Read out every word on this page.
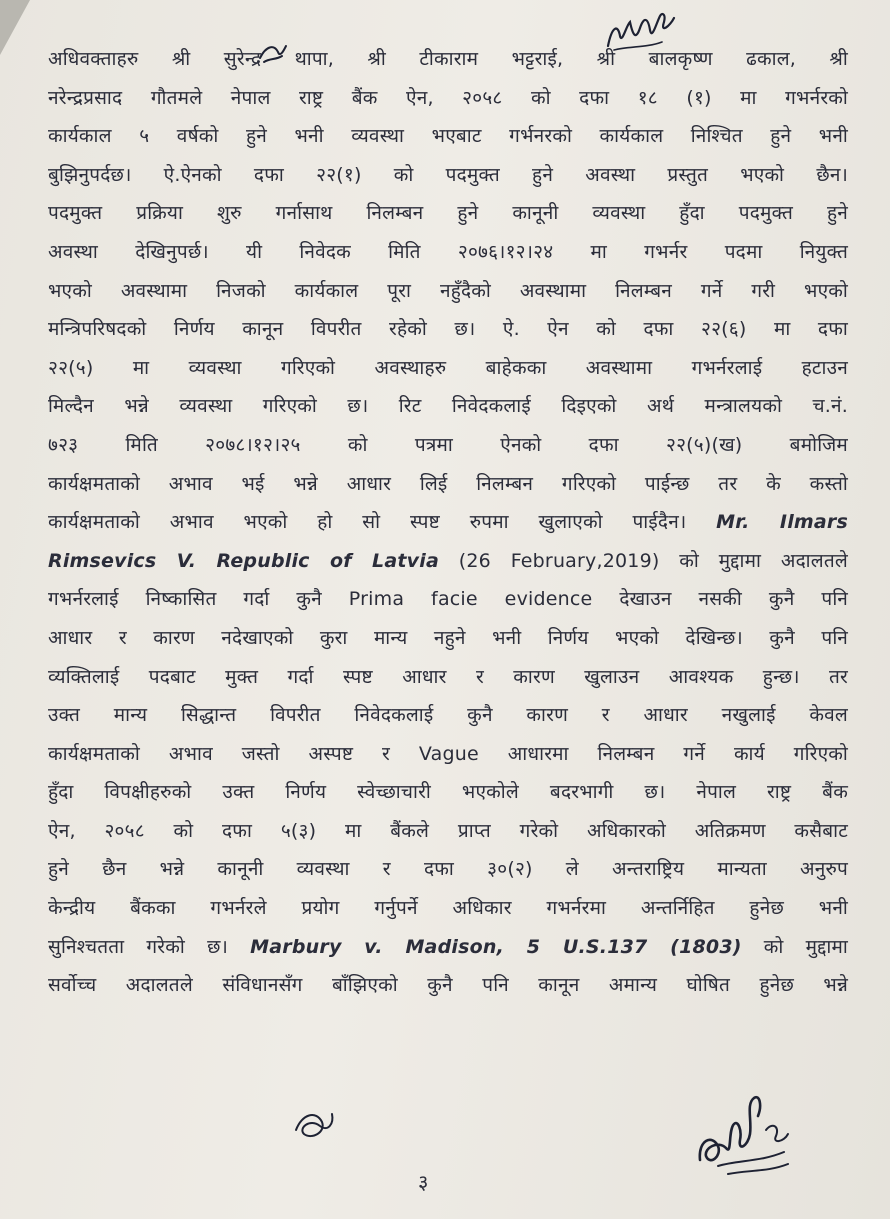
अधिवक्ताहरु श्री सुरेन्द्र थापा, श्री टीकाराम भट्टराई, श्री बालकृष्ण ढकाल, श्री
नरेन्द्रप्रसाद गौतमले नेपाल राष्ट्र बैंक ऐन, २०५८ को दफा १८ (१) मा गभर्नरको
कार्यकाल ५ वर्षको हुने भनी व्यवस्था भएबाट गर्भनरको कार्यकाल निश्चित हुने भनी
बुझिनुपर्दछ। ऐ.ऐनको दफा २२(१) को पदमुक्त हुने अवस्था प्रस्तुत भएको छैन।
पदमुक्त प्रक्रिया शुरु गर्नासाथ निलम्बन हुने कानूनी व्यवस्था हुँदा पदमुक्त हुने
अवस्था देखिनुपर्छ। यी निवेदक मिति २०७६।१२।२४ मा गभर्नर पदमा नियुक्त
भएको अवस्थामा निजको कार्यकाल पूरा नहुँदैको अवस्थामा निलम्बन गर्ने गरी भएको
मन्त्रिपरिषदको निर्णय कानून विपरीत रहेको छ। ऐ. ऐन को दफा २२(६) मा दफा
२२(५) मा व्यवस्था गरिएको अवस्थाहरु बाहेकका अवस्थामा गभर्नरलाई हटाउन
मिल्दैन भन्ने व्यवस्था गरिएको छ। रिट निवेदकलाई दिइएको अर्थ मन्त्रालयको च.नं.
७२३ मिति २०७८।१२।२५ को पत्रमा ऐनको दफा २२(५)(ख) बमोजिम
कार्यक्षमताको अभाव भई भन्ने आधार लिई निलम्बन गरिएको पाईन्छ तर के कस्तो
कार्यक्षमताको अभाव भएको हो सो स्पष्ट रुपमा खुलाएको पाईदैन। Mr. Ilmars
Rimsevics V. Republic of Latvia (26 February,2019) को मुद्दामा अदालतले
गभर्नरलाई निष्कासित गर्दा कुनै Prima facie evidence देखाउन नसकी कुनै पनि
आधार र कारण नदेखाएको कुरा मान्य नहुने भनी निर्णय भएको देखिन्छ। कुनै पनि
व्यक्तिलाई पदबाट मुक्त गर्दा स्पष्ट आधार र कारण खुलाउन आवश्यक हुन्छ। तर
उक्त मान्य सिद्धान्त विपरीत निवेदकलाई कुनै कारण र आधार नखुलाई केवल
कार्यक्षमताको अभाव जस्तो अस्पष्ट र Vague आधारमा निलम्बन गर्ने कार्य गरिएको
हुँदा विपक्षीहरुको उक्त निर्णय स्वेच्छाचारी भएकोले बदरभागी छ। नेपाल राष्ट्र बैंक
ऐन, २०५८ को दफा ५(३) मा बैंकले प्राप्त गरेको अधिकारको अतिक्रमण कसैबाट
हुने छैन भन्ने कानूनी व्यवस्था र दफा ३०(२) ले अन्तराष्ट्रिय मान्यता अनुरुप
केन्द्रीय बैंकका गभर्नरले प्रयोग गर्नुपर्ने अधिकार गभर्नरमा अन्तर्निहित हुनेछ भनी
सुनिश्चतता गरेको छ। Marbury v. Madison, 5 U.S.137 (1803) को मुद्दामा
सर्वोच्च अदालतले संविधानसँग बाँझिएको कुनै पनि कानून अमान्य घोषित हुनेछ भन्ने
३
